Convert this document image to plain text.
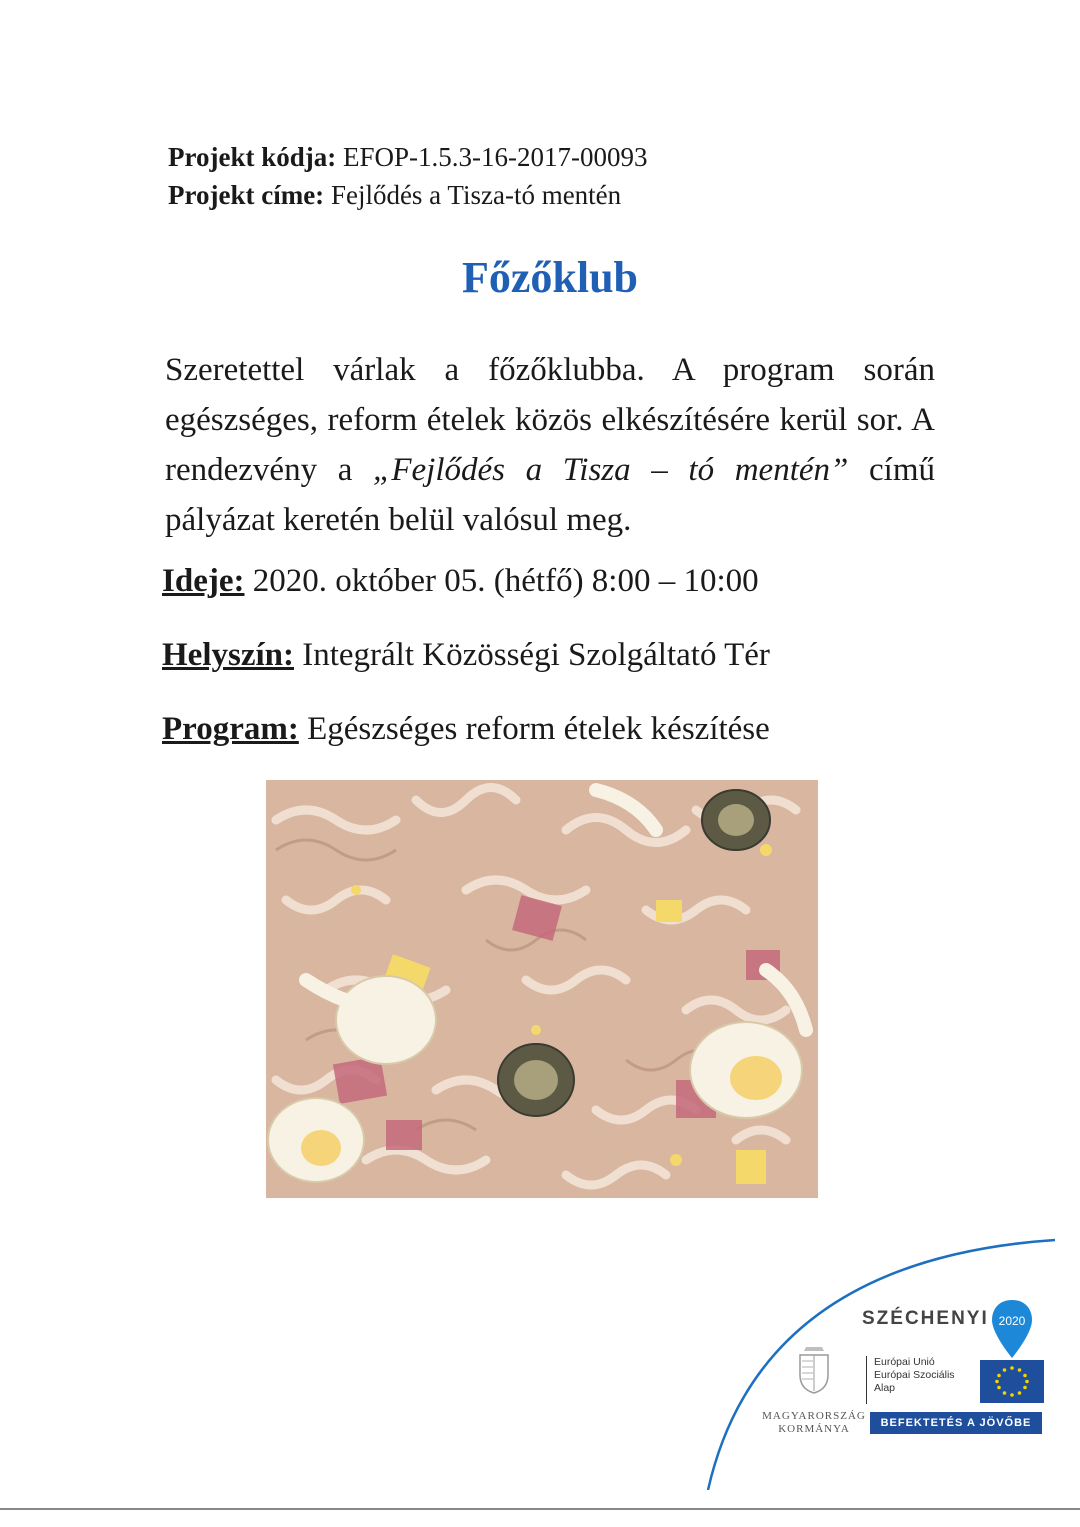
Projekt kódja: EFOP-1.5.3-16-2017-00093
Projekt címe: Fejlődés a Tisza-tó mentén
Főzőklub
Szeretettel várlak a főzőklubba. A program során egészséges, reform ételek közös elkészítésére kerül sor. A rendezvény a „Fejlődés a Tisza – tó mentén” című pályázat keretén belül valósul meg.
Ideje: 2020. október 05. (hétfő) 8:00 – 10:00
Helyszín: Integrált Közösségi Szolgáltató Tér
Program: Egészséges reform ételek készítése
SZÉCHENYI 2020
MAGYARORSZÁG
KORMÁNYA
Európai Unió
Európai Szociális
Alap
BEFEKTETÉS A JÖVŐBE
